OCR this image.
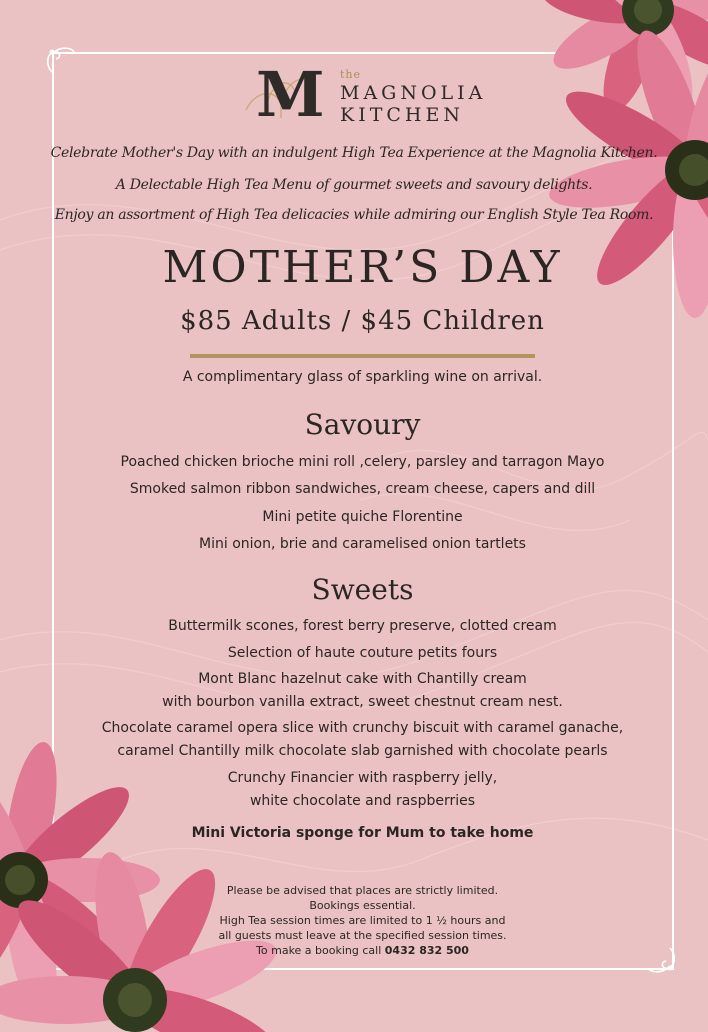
M the
MAGNOLIA
KITCHEN
Celebrate Mother's Day with an indulgent High Tea Experience at the Magnolia Kitchen.
A Delectable High Tea Menu of gourmet sweets and savoury delights.
Enjoy an assortment of High Tea delicacies while admiring our English Style Tea Room.
MOTHER’S DAY
$85 Adults / $45 Children
A complimentary glass of sparkling wine on arrival.
Savoury
Poached chicken brioche mini roll ,celery, parsley and tarragon Mayo
Smoked salmon ribbon sandwiches, cream cheese, capers and dill
Mini petite quiche Florentine
Mini onion, brie and caramelised onion tartlets
Sweets
Buttermilk scones, forest berry preserve, clotted cream
Selection of haute couture petits fours
Mont Blanc hazelnut cake with Chantilly cream
with bourbon vanilla extract, sweet chestnut cream nest.
Chocolate caramel opera slice with crunchy biscuit with caramel ganache,
caramel Chantilly milk chocolate slab garnished with chocolate pearls
Crunchy Financier with raspberry jelly,
white chocolate and raspberries
Mini Victoria sponge for Mum to take home
Please be advised that places are strictly limited.
Bookings essential.
High Tea session times are limited to 1 ½ hours and
all guests must leave at the specified session times.
To make a booking call 0432 832 500
